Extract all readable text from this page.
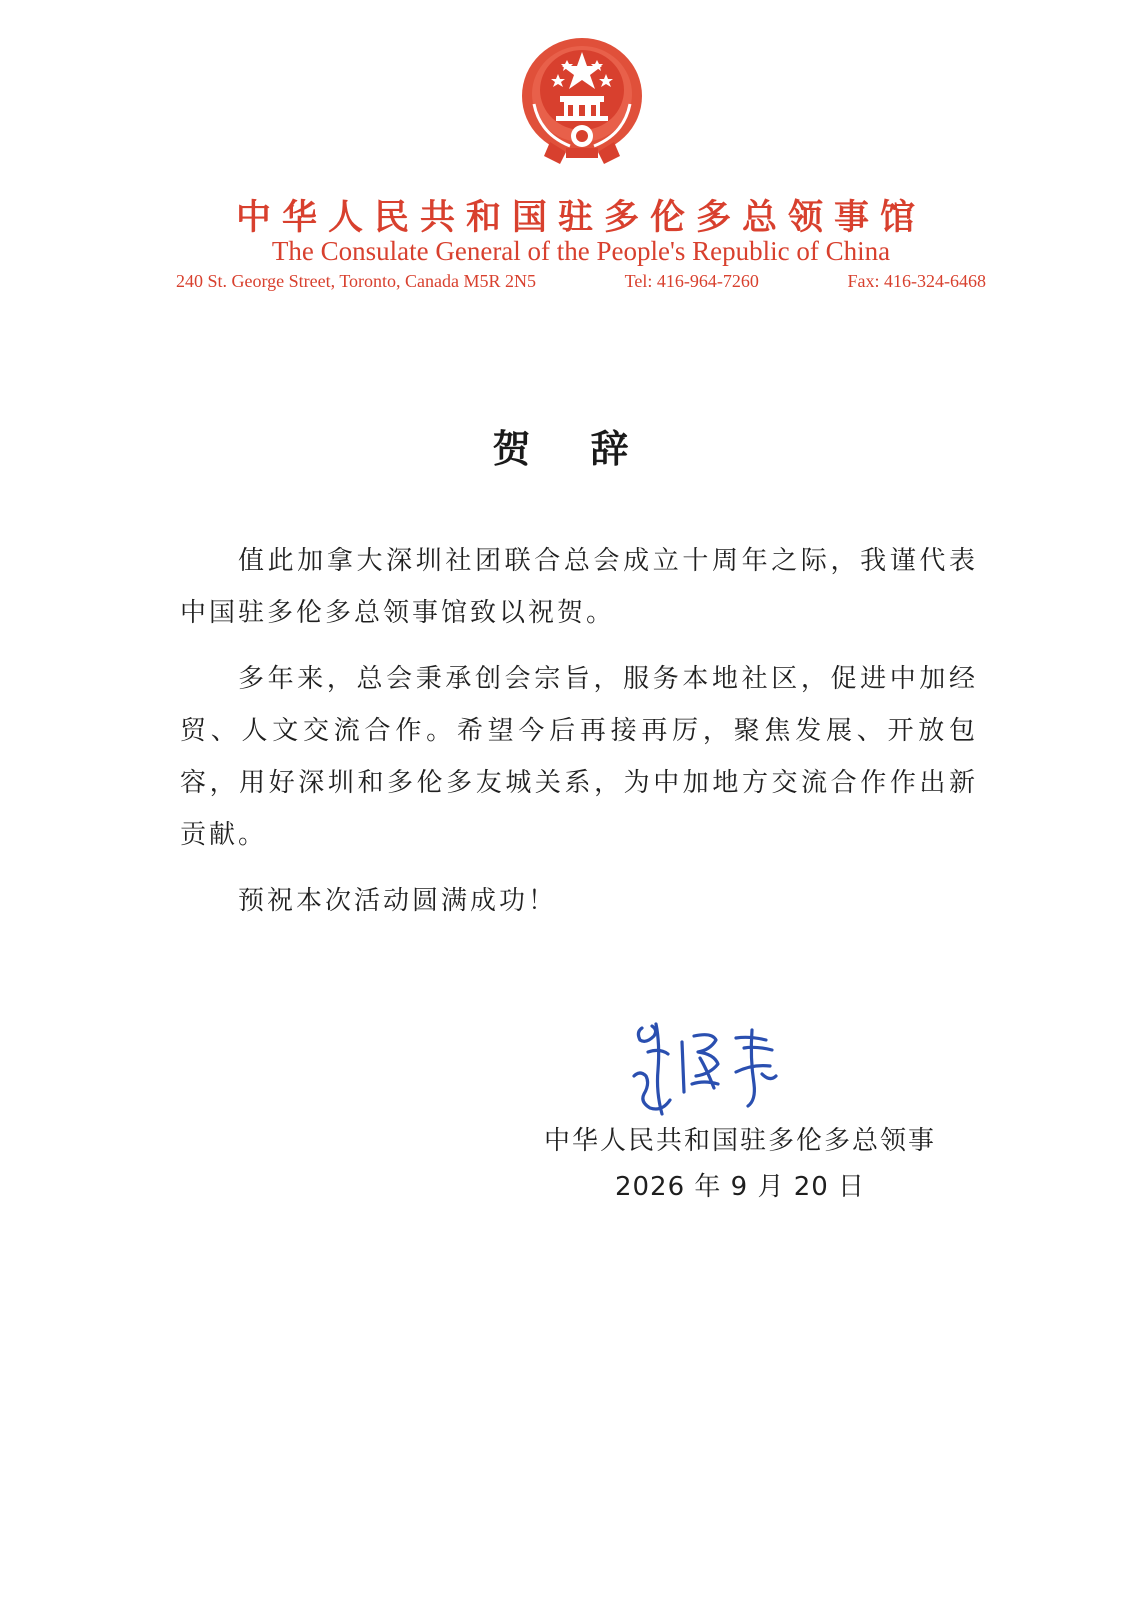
中华人民共和国驻多伦多总领事馆
The Consulate General of the People's Republic of China
240 St. George Street, Toronto, Canada M5R 2N5	Tel: 416-964-7260	Fax: 416-324-6468
贺辞

值此加拿大深圳社团联合总会成立十周年之际，我谨代表中国驻多伦多总领事馆致以祝贺。

多年来，总会秉承创会宗旨，服务本地社区，促进中加经贸、人文交流合作。希望今后再接再厉，聚焦发展、开放包容，用好深圳和多伦多友城关系，为中加地方交流合作作出新贡献。

预祝本次活动圆满成功！

中华人民共和国驻多伦多总领事
2026 年 9 月 20 日
